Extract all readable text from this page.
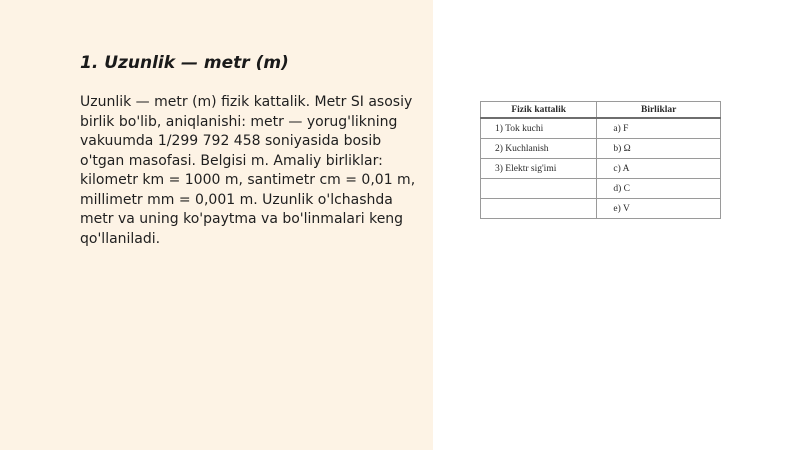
1. Uzunlik — metr (m)

Uzunlik — metr (m) fizik kattalik. Metr SI asosiy birlik bo'lib, aniqlanishi: metr — yorug'likning vakuumda 1/299 792 458 soniyasida bosib o'tgan masofasi. Belgisi m. Amaliy birliklar: kilometr km = 1000 m, santimetr cm = 0,01 m, millimetr mm = 0,001 m. Uzunlik o'lchashda metr va uning ko'paytma va bo'linmalari keng qo'llaniladi.

Fizik kattalik	Birliklar
1) Tok kuchi	a) F
2) Kuchlanish	b) Ω
3) Elektr sig'imi	c) A
	d) C
	e) V
